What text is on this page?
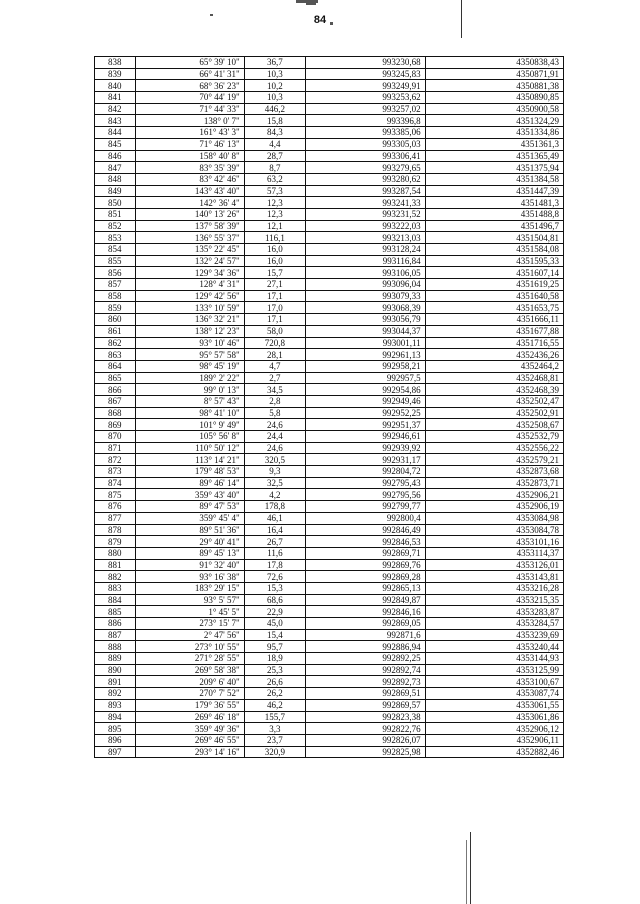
84
838	65° 39' 10"	36,7	993230,68	4350838,43
839	66° 41' 31"	10,3	993245,83	4350871,91
840	68° 36' 23"	10,2	993249,91	4350881,38
841	70° 44' 19"	10,3	993253,62	4350890,85
842	71° 44' 33"	446,2	993257,02	4350900,58
843	138° 0' 7"	15,8	993396,8	4351324,29
844	161° 43' 3"	84,3	993385,06	4351334,86
845	71° 46' 13"	4,4	993305,03	4351361,3
846	158° 40' 8"	28,7	993306,41	4351365,49
847	83° 35' 39"	8,7	993279,65	4351375,94
848	83° 42' 46"	63,2	993280,62	4351384,58
849	143° 43' 40"	57,3	993287,54	4351447,39
850	142° 36' 4"	12,3	993241,33	4351481,3
851	140° 13' 26"	12,3	993231,52	4351488,8
852	137° 58' 39"	12,1	993222,03	4351496,7
853	136° 55' 37"	116,1	993213,03	4351504,81
854	135° 22' 45"	16,0	993128,24	4351584,08
855	132° 24' 57"	16,0	993116,84	4351595,33
856	129° 34' 36"	15,7	993106,05	4351607,14
857	128° 4' 31"	27,1	993096,04	4351619,25
858	129° 42' 56"	17,1	993079,33	4351640,58
859	133° 10' 59"	17,0	993068,39	4351653,75
860	136° 32' 21"	17,1	993056,79	4351666,11
861	138° 12' 23"	58,0	993044,37	4351677,88
862	93° 10' 46"	720,8	993001,11	4351716,55
863	95° 57' 58"	28,1	992961,13	4352436,26
864	98° 45' 19"	4,7	992958,21	4352464,2
865	189° 2' 22"	2,7	992957,5	4352468,81
866	99° 0' 13"	34,5	992954,86	4352468,39
867	8° 57' 43"	2,8	992949,46	4352502,47
868	98° 41' 10"	5,8	992952,25	4352502,91
869	101° 9' 49"	24,6	992951,37	4352508,67
870	105° 56' 8"	24,4	992946,61	4352532,79
871	110° 50' 12"	24,6	992939,92	4352556,22
872	113° 14' 21"	320,5	992931,17	4352579,21
873	179° 48' 53"	9,3	992804,72	4352873,68
874	89° 46' 14"	32,5	992795,43	4352873,71
875	359° 43' 40"	4,2	992795,56	4352906,21
876	89° 47' 53"	178,8	992799,77	4352906,19
877	359° 45' 4"	46,1	992800,4	4353084,98
878	89° 51' 36"	16,4	992846,49	4353084,78
879	29° 40' 41"	26,7	992846,53	4353101,16
880	89° 45' 13"	11,6	992869,71	4353114,37
881	91° 32' 40"	17,8	992869,76	4353126,01
882	93° 16' 38"	72,6	992869,28	4353143,81
883	183° 29' 15"	15,3	992865,13	4353216,28
884	93° 5' 57"	68,6	992849,87	4353215,35
885	1° 45' 5"	22,9	992846,16	4353283,87
886	273° 15' 7"	45,0	992869,05	4353284,57
887	2° 47' 56"	15,4	992871,6	4353239,69
888	273° 10' 55"	95,7	992886,94	4353240,44
889	271° 28' 55"	18,9	992892,25	4353144,93
890	269° 58' 38"	25,3	992892,74	4353125,99
891	209° 6' 40"	26,6	992892,73	4353100,67
892	270° 7' 52"	26,2	992869,51	4353087,74
893	179° 36' 55"	46,2	992869,57	4353061,55
894	269° 46' 18"	155,7	992823,38	4353061,86
895	359° 49' 36"	3,3	992822,76	4352906,12
896	269° 46' 55"	23,7	992826,07	4352906,11
897	293° 14' 16"	320,9	992825,98	4352882,46
